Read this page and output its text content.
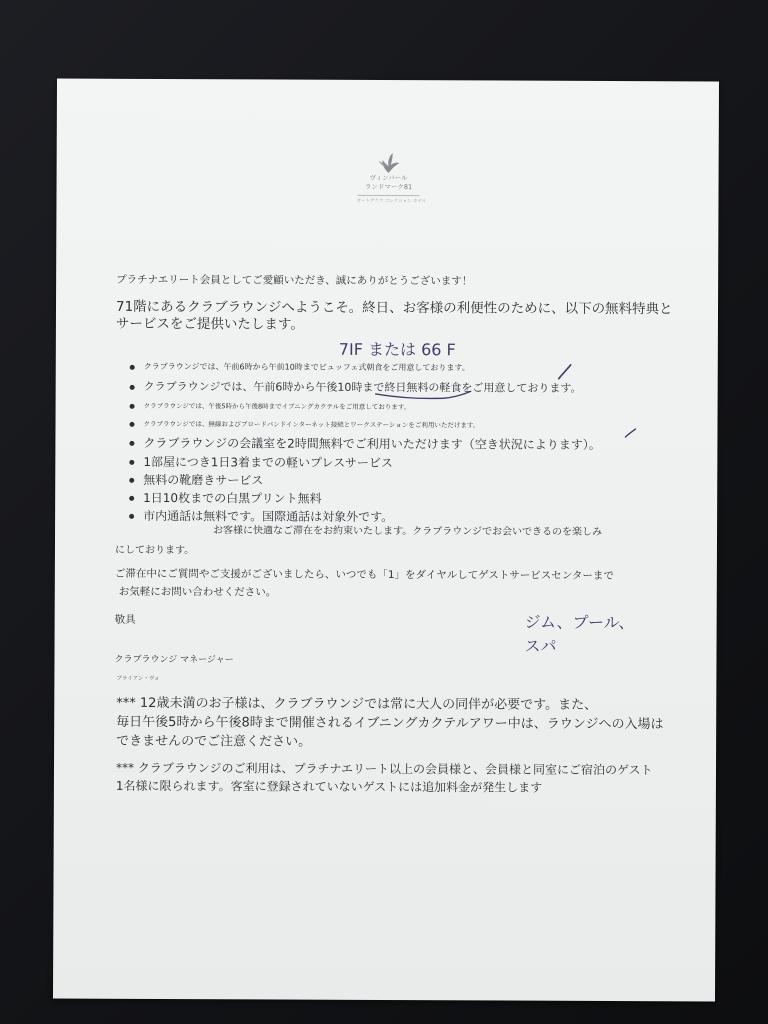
ヴィンパール
ランドマーク81
オートグラフ コレクション ホテル
プラチナエリート会員としてご愛顧いただき、誠にありがとうございます！
71階にあるクラブラウンジへようこそ。終日、お客様の利便性のために、以下の無料特典と
サービスをご提供いたします。
7IF または 66 F
クラブラウンジでは、午前6時から午前10時までビュッフェ式朝食をご用意しております。
クラブラウンジでは、午前6時から午後10時まで終日無料の軽食をご用意しております。
クラブラウンジでは、午後5時から午後8時までイブニングカクテルをご用意しております。
クラブラウンジでは、無線およびブロードバンドインターネット接続とワークステーションをご利用いただけます。
クラブラウンジの会議室を2時間無料でご利用いただけます（空き状況によります）。
1部屋につき1日3着までの軽いプレスサービス
無料の靴磨きサービス
1日10枚までの白黒プリント無料
市内通話は無料です。国際通話は対象外です。
お客様に快適なご滞在をお約束いたします。クラブラウンジでお会いできるのを楽しみ
にしております。
ご滞在中にご質問やご支援がございましたら、いつでも「1」をダイヤルしてゲストサービスセンターまで
お気軽にお問い合わせください。
敬具
クラブラウンジ マネージャー
ブライアン・ヴォ
ジム、プール、
スパ
*** 12歳未満のお子様は、クラブラウンジでは常に大人の同伴が必要です。また、
毎日午後5時から午後8時まで開催されるイブニングカクテルアワー中は、ラウンジへの入場は
できませんのでご注意ください。
*** クラブラウンジのご利用は、プラチナエリート以上の会員様と、会員様と同室にご宿泊のゲスト
1名様に限られます。客室に登録されていないゲストには追加料金が発生します
